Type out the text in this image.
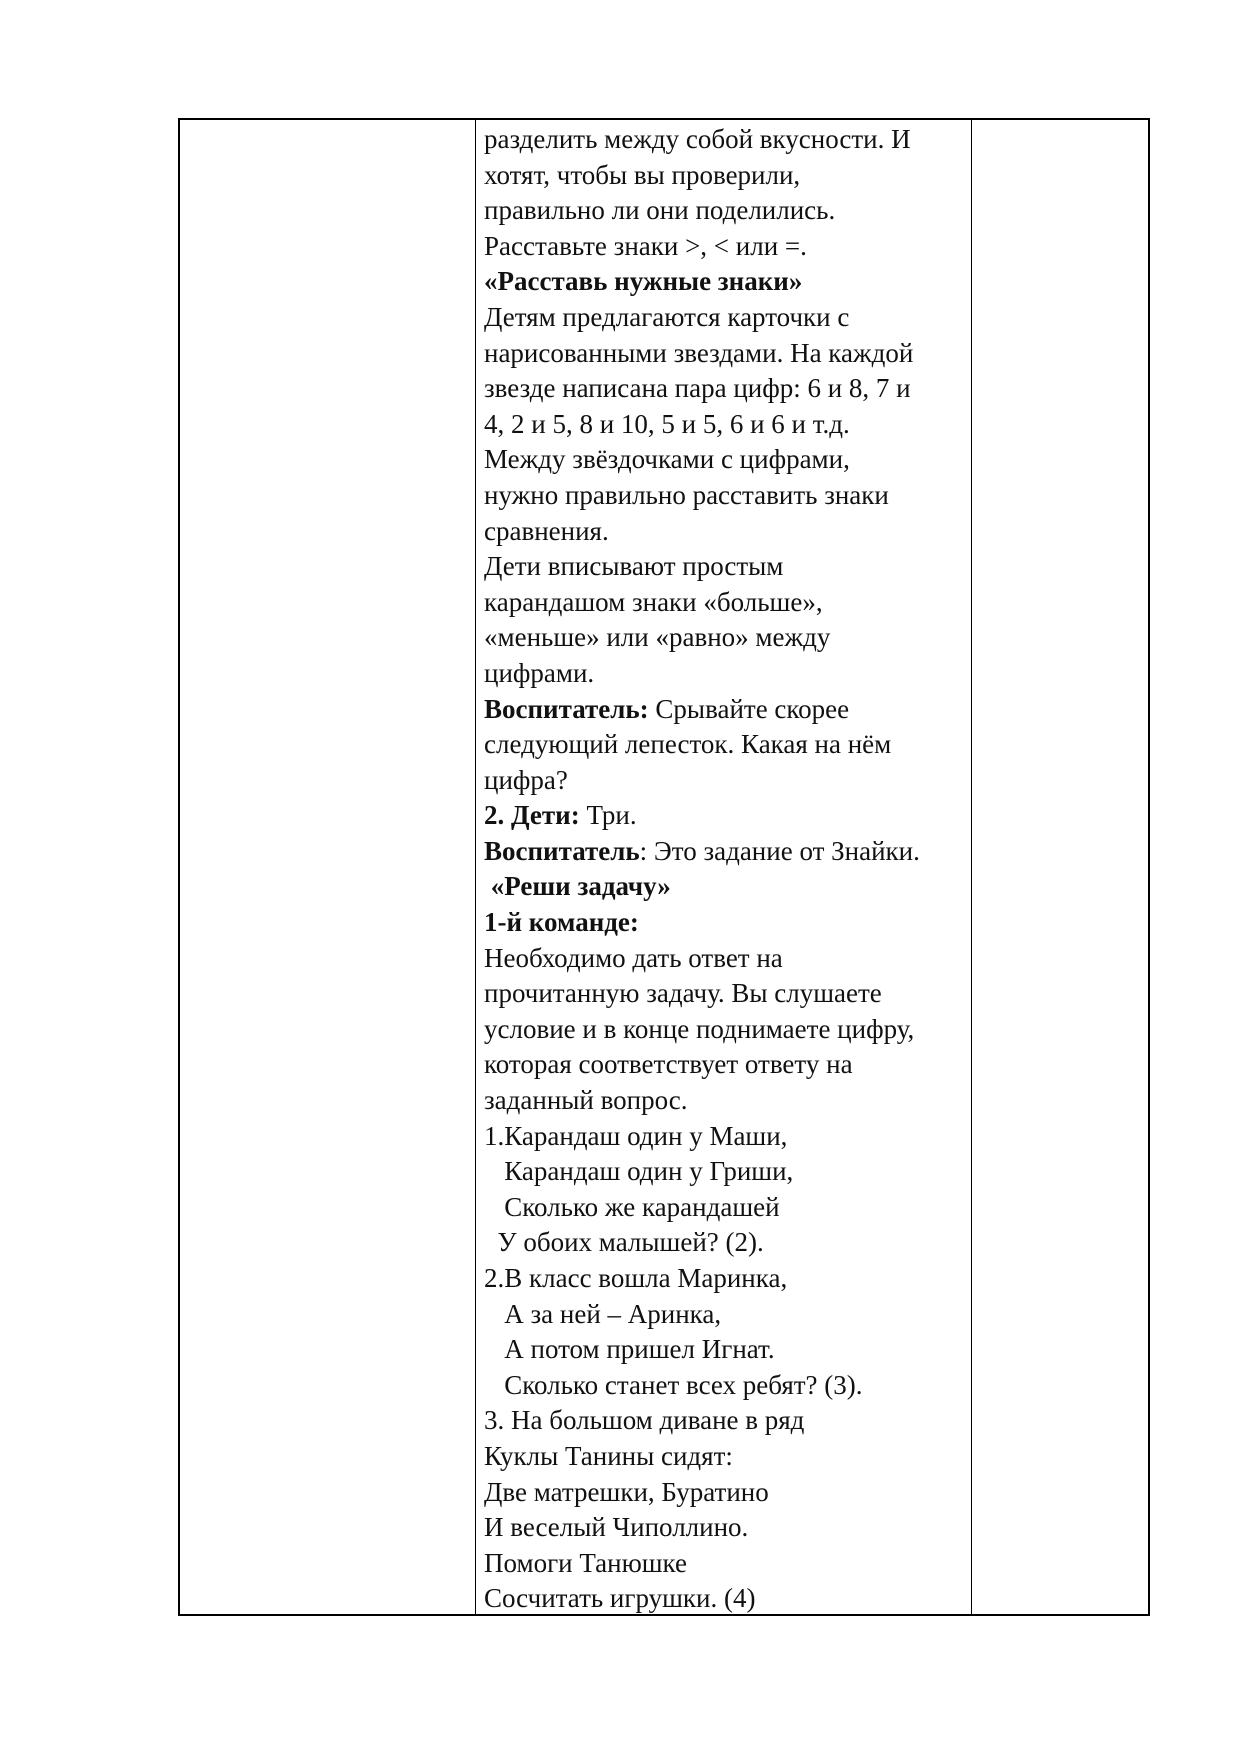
разделить между собой вкусности. И

хотят, чтобы вы проверили,

правильно ли они поделились.

Расставьте знаки >, < или =.

«Расставь нужные знаки»

Детям предлагаются карточки с

нарисованными звездами. На каждой

звезде написана пара цифр: 6 и 8, 7 и

4, 2 и 5, 8 и 10, 5 и 5, 6 и 6 и т.д.

Между звёздочками с цифрами,

нужно правильно расставить знаки

сравнения.

Дети вписывают простым

карандашом знаки «больше»,

«меньше» или «равно» между

цифрами.

Воспитатель: Срывайте скорее

следующий лепесток. Какая на нём

цифра?

2. Дети: Три.

Воспитатель: Это задание от Знайки.

«Реши задачу»

1-й команде:

Необходимо дать ответ на

прочитанную задачу. Вы слушаете

условие и в конце поднимаете цифру,

которая соответствует ответу на

заданный вопрос.

1.Карандаш один у Маши,

Карандаш один у Гриши,

Сколько же карандашей

У обоих малышей? (2).

2.В класс вошла Маринка,

А за ней – Аринка,

А потом пришел Игнат.

Сколько станет всех ребят? (3).

3. На большом диване в ряд

Куклы Танины сидят:

Две матрешки, Буратино

И веселый Чиполлино.

Помоги Танюшке

Сосчитать игрушки. (4)
